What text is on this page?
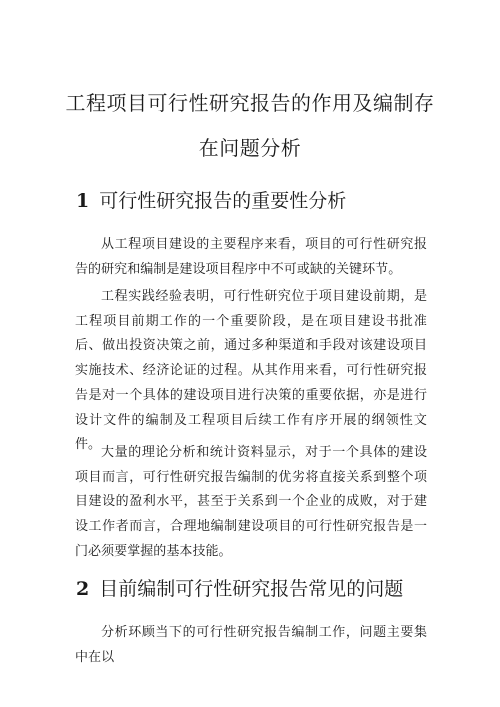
工程项目可行性研究报告的作用及编制存
在问题分析
1 可行性研究报告的重要性分析

从工程项目建设的主要程序来看，项目的可行性研究报告的研究和编制是建设项目程序中不可或缺的关键环节。

工程实践经验表明，可行性研究位于项目建设前期，是工程项目前期工作的一个重要阶段，是在项目建设书批准后、做出投资决策之前，通过多种渠道和手段对该建设项目实施技术、经济论证的过程。从其作用来看，可行性研究报告是对一个具体的建设项目进行决策的重要依据，亦是进行设计文件的编制及工程项目后续工作有序开展的纲领性文件。

大量的理论分析和统计资料显示，对于一个具体的建设项目而言，可行性研究报告编制的优劣将直接关系到整个项目建设的盈利水平，甚至于关系到一个企业的成败，对于建设工作者而言，合理地编制建设项目的可行性研究报告是一门必须要掌握的基本技能。

2 目前编制可行性研究报告常见的问题

分析环顾当下的可行性研究报告编制工作，问题主要集中在以
